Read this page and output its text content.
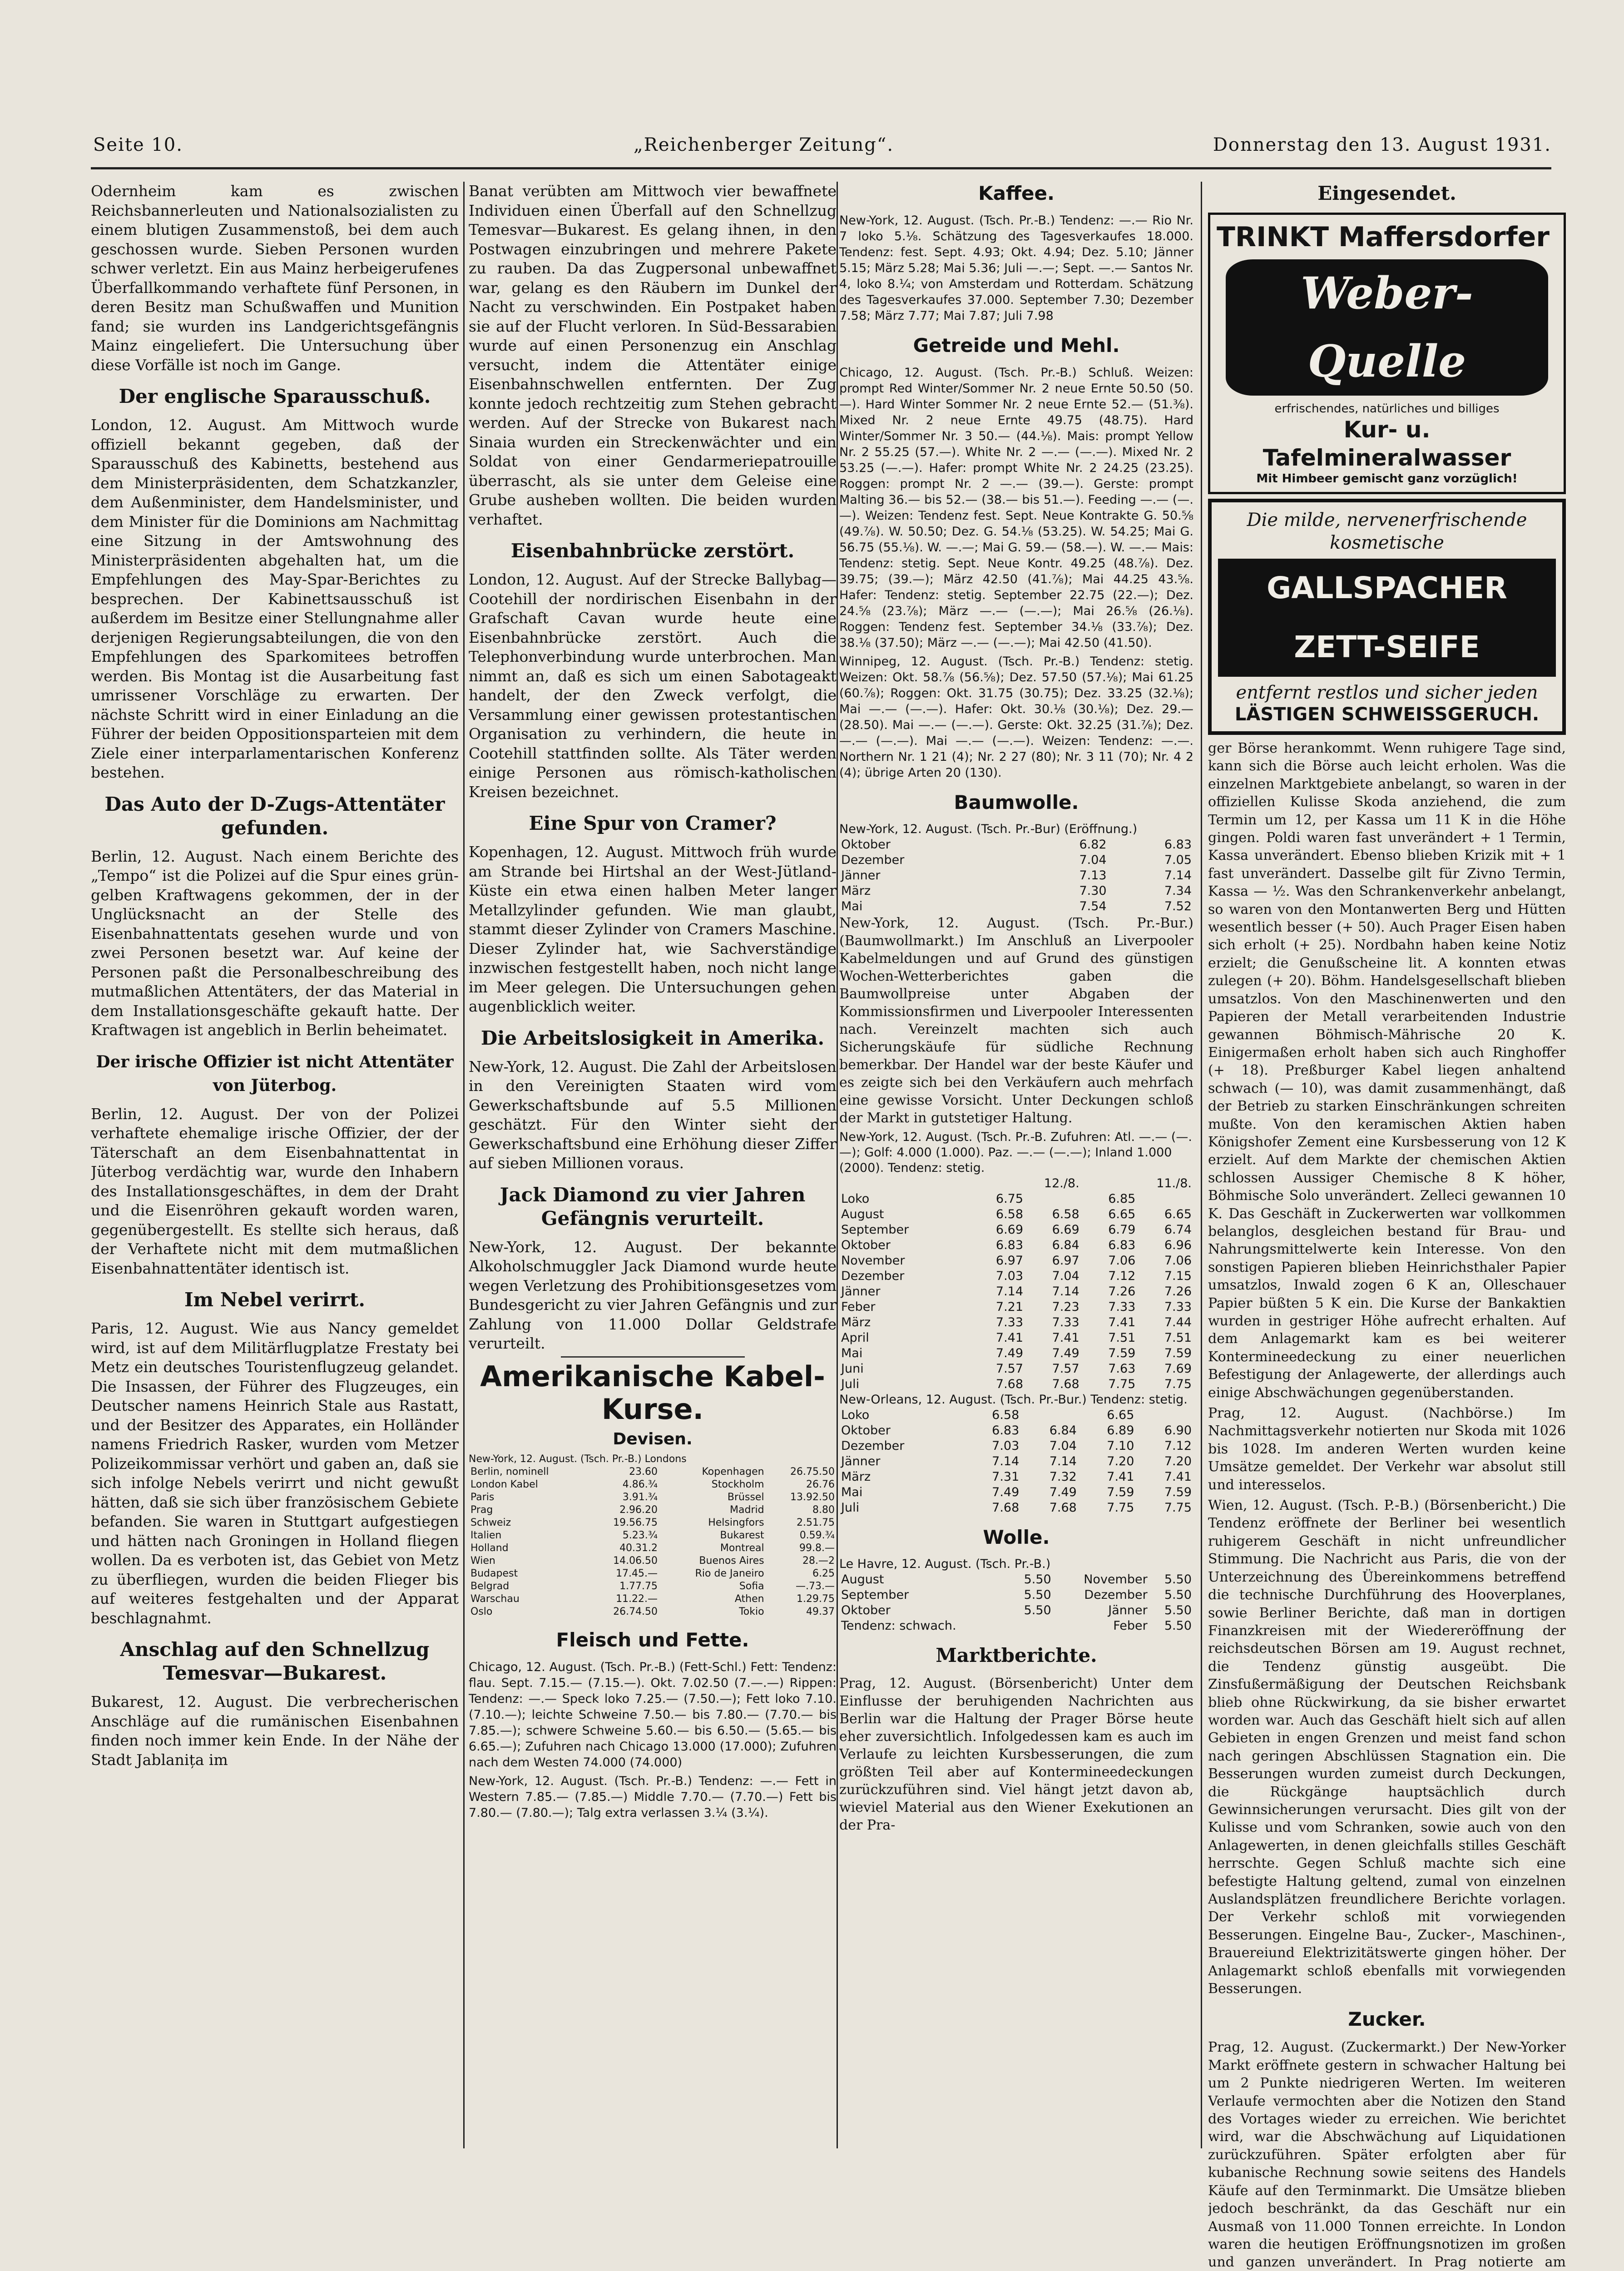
Seite 10.	„Reichenberger Zeitung“.	Donnerstag den 13. August 1931.

Odernheim kam es zwischen Reichsbannerleuten und Nationalsozialisten zu einem blutigen Zusammenstoß, bei dem auch geschossen wurde. Sieben Personen wurden schwer verletzt. Ein aus Mainz herbeigerufenes Überfallkommando verhaftete fünf Personen, in deren Besitz man Schußwaffen und Munition fand; sie wurden ins Landgerichtsgefängnis Mainz eingeliefert. Die Untersuchung über diese Vorfälle ist noch im Gange.

Der englische Sparausschuß.

London, 12. August. Am Mittwoch wurde offiziell bekannt gegeben, daß der Sparausschuß des Kabinetts, bestehend aus dem Ministerpräsidenten, dem Schatzkanzler, dem Außenminister, dem Handelsminister, und dem Minister für die Dominions am Nachmittag eine Sitzung in der Amtswohnung des Ministerpräsidenten abgehalten hat, um die Empfehlungen des May-Spar-Berichtes zu besprechen. Der Kabinettsausschuß ist außerdem im Besitze einer Stellungnahme aller derjenigen Regierungsabteilungen, die von den Empfehlungen des Sparkomitees betroffen werden. Bis Montag ist die Ausarbeitung fast umrissener Vorschläge zu erwarten. Der nächste Schritt wird in einer Einladung an die Führer der beiden Oppositionsparteien mit dem Ziele einer interparlamentarischen Konferenz bestehen.

Das Auto der D-Zugs-Attentäter gefunden.

Berlin, 12. August. Nach einem Berichte des „Tempo“ ist die Polizei auf die Spur eines grün-gelben Kraftwagens gekommen, der in der Unglücksnacht an der Stelle des Eisenbahnattentats gesehen wurde und von zwei Personen besetzt war. Auf keine der Personen paßt die Personalbeschreibung des mutmaßlichen Attentäters, der das Material in dem Installationsgeschäfte gekauft hatte. Der Kraftwagen ist angeblich in Berlin beheimatet.

Der irische Offizier ist nicht Attentäter von Jüterbog.

Berlin, 12. August. Der von der Polizei verhaftete ehemalige irische Offizier, der der Täterschaft an dem Eisenbahnattentat in Jüterbog verdächtig war, wurde den Inhabern des Installationsgeschäftes, in dem der Draht und die Eisenröhren gekauft worden waren, gegenübergestellt. Es stellte sich heraus, daß der Verhaftete nicht mit dem mutmaßlichen Eisenbahnattentäter identisch ist.

Im Nebel verirrt.

Paris, 12. August. Wie aus Nancy gemeldet wird, ist auf dem Militärflugplatze Frestaty bei Metz ein deutsches Touristenflugzeug gelandet. Die Insassen, der Führer des Flugzeuges, ein Deutscher namens Heinrich Stale aus Rastatt, und der Besitzer des Apparates, ein Holländer namens Friedrich Rasker, wurden vom Metzer Polizeikommissar verhört und gaben an, daß sie sich infolge Nebels verirrt und nicht gewußt hätten, daß sie sich über französischem Gebiete befanden. Sie waren in Stuttgart aufgestiegen und hätten nach Groningen in Holland fliegen wollen. Da es verboten ist, das Gebiet von Metz zu überfliegen, wurden die beiden Flieger bis auf weiteres festgehalten und der Apparat beschlagnahmt.

Anschlag auf den Schnellzug Temesvar—Bukarest.

Bukarest, 12. August. Die verbrecherischen Anschläge auf die rumänischen Eisenbahnen finden noch immer kein Ende. In der Nähe der Stadt Jablanița im

Banat verübten am Mittwoch vier bewaffnete Individuen einen Überfall auf den Schnellzug Temesvar—Bukarest. Es gelang ihnen, in den Postwagen einzubringen und mehrere Pakete zu rauben. Da das Zugpersonal unbewaffnet war, gelang es den Räubern im Dunkel der Nacht zu verschwinden. Ein Postpaket haben sie auf der Flucht verloren. In Süd-Bessarabien wurde auf einen Personenzug ein Anschlag versucht, indem die Attentäter einige Eisenbahnschwellen entfernten. Der Zug konnte jedoch rechtzeitig zum Stehen gebracht werden. Auf der Strecke von Bukarest nach Sinaia wurden ein Streckenwächter und ein Soldat von einer Gendarmeriepatrouille überrascht, als sie unter dem Geleise eine Grube ausheben wollten. Die beiden wurden verhaftet.

Eisenbahnbrücke zerstört.

London, 12. August. Auf der Strecke Ballybag—Cootehill der nordirischen Eisenbahn in der Grafschaft Cavan wurde heute eine Eisenbahnbrücke zerstört. Auch die Telephonverbindung wurde unterbrochen. Man nimmt an, daß es sich um einen Sabotageakt handelt, der den Zweck verfolgt, die Versammlung einer gewissen protestantischen Organisation zu verhindern, die heute in Cootehill stattfinden sollte. Als Täter werden einige Personen aus römisch-katholischen Kreisen bezeichnet.

Eine Spur von Cramer?

Kopenhagen, 12. August. Mittwoch früh wurde am Strande bei Hirtshal an der West-Jütland-Küste ein etwa einen halben Meter langer Metallzylinder gefunden. Wie man glaubt, stammt dieser Zylinder von Cramers Maschine. Dieser Zylinder hat, wie Sachverständige inzwischen festgestellt haben, noch nicht lange im Meer gelegen. Die Untersuchungen gehen augenblicklich weiter.

Die Arbeitslosigkeit in Amerika.

New-York, 12. August. Die Zahl der Arbeitslosen in den Vereinigten Staaten wird vom Gewerkschaftsbunde auf 5.5 Millionen geschätzt. Für den Winter sieht der Gewerkschaftsbund eine Erhöhung dieser Ziffer auf sieben Millionen voraus.

Jack Diamond zu vier Jahren Gefängnis verurteilt.

New-York, 12. August. Der bekannte Alkoholschmuggler Jack Diamond wurde heute wegen Verletzung des Prohibitionsgesetzes vom Bundesgericht zu vier Jahren Gefängnis und zur Zahlung von 11.000 Dollar Geldstrafe verurteilt.

Amerikanische Kabel-Kurse.
Devisen.
New-York, 12. August. (Tsch. Pr.-B.) Londons
Berlin, nominell	23.60	Kopenhagen	26.75.50
London Kabel	4.86.¾	Stockholm	26.76
Paris	3.91.¾	Brüssel	13.92.50
Prag	2.96.20	Madrid	8.80
Schweiz	19.56.75	Helsingfors	2.51.75
Italien	5.23.¾	Bukarest	0.59.¾
Holland	40.31.2	Montreal	99.8.—
Wien	14.06.50	Buenos Aires	28.—2
Budapest	17.45.—	Rio de Janeiro	6.25
Belgrad	1.77.75	Sofia	—.73.—
Warschau	11.22.—	Athen	1.29.75
Oslo	26.74.50	Tokio	49.37
Fleisch und Fette.

Chicago, 12. August. (Tsch. Pr.-B.) (Fett-Schl.) Fett: Tendenz: flau. Sept. 7.15.— (7.15.—). Okt. 7.02.50 (7.—.—) Rippen: Tendenz: —.— Speck loko 7.25.— (7.50.—); Fett loko 7.10. (7.10.—); leichte Schweine 7.50.— bis 7.80.— (7.70.— bis 7.85.—); schwere Schweine 5.60.— bis 6.50.— (5.65.— bis 6.65.—); Zufuhren nach Chicago 13.000 (17.000); Zufuhren nach dem Westen 74.000 (74.000)

New-York, 12. August. (Tsch. Pr.-B.) Tendenz: —.— Fett in Western 7.85.— (7.85.—) Middle 7.70.— (7.70.—) Fett bis 7.80.— (7.80.—); Talg extra verlassen 3.¼ (3.¼).

Kaffee.

New-York, 12. August. (Tsch. Pr.-B.) Tendenz: —.— Rio Nr. 7 loko 5.⅛. Schätzung des Tagesverkaufes 18.000. Tendenz: fest. Sept. 4.93; Okt. 4.94; Dez. 5.10; Jänner 5.15; März 5.28; Mai 5.36; Juli —.—; Sept. —.— Santos Nr. 4, loko 8.¼; von Amsterdam und Rotterdam. Schätzung des Tagesverkaufes 37.000. September 7.30; Dezember 7.58; März 7.77; Mai 7.87; Juli 7.98

Getreide und Mehl.

Chicago, 12. August. (Tsch. Pr.-B.) Schluß. Weizen: prompt Red Winter/Sommer Nr. 2 neue Ernte 50.50 (50.—). Hard Winter Sommer Nr. 2 neue Ernte 52.— (51.⅜). Mixed Nr. 2 neue Ernte 49.75 (48.75). Hard Winter/Sommer Nr. 3 50.— (44.⅛). Mais: prompt Yellow Nr. 2 55.25 (57.—). White Nr. 2 —.— (—.—). Mixed Nr. 2 53.25 (—.—). Hafer: prompt White Nr. 2 24.25 (23.25). Roggen: prompt Nr. 2 —.— (39.—). Gerste: prompt Malting 36.— bis 52.— (38.— bis 51.—). Feeding —.— (—.—). Weizen: Tendenz fest. Sept. Neue Kontrakte G. 50.⅝ (49.⅞). W. 50.50; Dez. G. 54.⅛ (53.25). W. 54.25; Mai G. 56.75 (55.⅛). W. —.—; Mai G. 59.— (58.—). W. —.— Mais: Tendenz: stetig. Sept. Neue Kontr. 49.25 (48.⅞). Dez. 39.75; (39.—); März 42.50 (41.⅞); Mai 44.25 43.⅝. Hafer: Tendenz: stetig. September 22.75 (22.—); Dez. 24.⅝ (23.⅞); März —.— (—.—); Mai 26.⅝ (26.⅛). Roggen: Tendenz fest. September 34.⅛ (33.⅞); Dez. 38.⅛ (37.50); März —.— (—.—); Mai 42.50 (41.50).

Winnipeg, 12. August. (Tsch. Pr.-B.) Tendenz: stetig. Weizen: Okt. 58.⅞ (56.⅝); Dez. 57.50 (57.⅛); Mai 61.25 (60.⅞); Roggen: Okt. 31.75 (30.75); Dez. 33.25 (32.⅛); Mai —.— (—.—). Hafer: Okt. 30.⅛ (30.⅛); Dez. 29.— (28.50). Mai —.— (—.—). Gerste: Okt. 32.25 (31.⅞); Dez. —.— (—.—). Mai —.— (—.—). Weizen: Tendenz: —.—. Northern Nr. 1 21 (4); Nr. 2 27 (80); Nr. 3 11 (70); Nr. 4 2 (4); übrige Arten 20 (130).

Baumwolle.
New-York, 12. August. (Tsch. Pr.-Bur) (Eröffnung.)
Oktober	6.82	6.83
Dezember	7.04	7.05
Jänner	7.13	7.14
März	7.30	7.34
Mai	7.54	7.52

New-York, 12. August. (Tsch. Pr.-Bur.) (Baumwollmarkt.) Im Anschluß an Liverpooler Kabelmeldungen und auf Grund des günstigen Wochen-Wetterberichtes gaben die Baumwollpreise unter Abgaben der Kommissionsfirmen und Liverpooler Interessenten nach. Vereinzelt machten sich auch Sicherungskäufe für südliche Rechnung bemerkbar. Der Handel war der beste Käufer und es zeigte sich bei den Verkäufern auch mehrfach eine gewisse Vorsicht. Unter Deckungen schloß der Markt in gutstetiger Haltung.

New-York, 12. August. (Tsch. Pr.-B. Zufuhren: Atl. —.— (—.—); Golf: 4.000 (1.000). Paz. —.— (—.—); Inland 1.000 (2000). Tendenz: stetig.
	12./8.		11./8.	
Loko	6.75		6.85	
August	6.58	6.58	6.65	6.65
September	6.69	6.69	6.79	6.74
Oktober	6.83	6.84	6.83	6.96
November	6.97	6.97	7.06	7.06
Dezember	7.03	7.04	7.12	7.15
Jänner	7.14	7.14	7.26	7.26
Feber	7.21	7.23	7.33	7.33
März	7.33	7.33	7.41	7.44
April	7.41	7.41	7.51	7.51
Mai	7.49	7.49	7.59	7.59
Juni	7.57	7.57	7.63	7.69
Juli	7.68	7.68	7.75	7.75
New-Orleans, 12. August. (Tsch. Pr.-Bur.) Tendenz: stetig.
Loko	6.58		6.65	
Oktober	6.83	6.84	6.89	6.90
Dezember	7.03	7.04	7.10	7.12
Jänner	7.14	7.14	7.20	7.20
März	7.31	7.32	7.41	7.41
Mai	7.49	7.49	7.59	7.59
Juli	7.68	7.68	7.75	7.75
Wolle.
Le Havre, 12. August. (Tsch. Pr.-B.)
August	5.50	November	5.50
September	5.50	Dezember	5.50
Oktober	5.50	Jänner	5.50
Tendenz: schwach.		Feber	5.50
Marktberichte.

Prag, 12. August. (Börsenbericht) Unter dem Einflusse der beruhigenden Nachrichten aus Berlin war die Haltung der Prager Börse heute eher zuversichtlich. Infolgedessen kam es auch im Verlaufe zu leichten Kursbesserungen, die zum größten Teil aber auf Kontermineedeckungen zurückzuführen sind. Viel hängt jetzt davon ab, wieviel Material aus den Wiener Exekutionen an der Pra-

Eingesendet.
TRINKT Maffersdorfer
Weber-Quelle
erfrischendes, natürliches und billiges
Kur- u. Tafelmineralwasser
Mit Himbeer gemischt ganz vorzüglich!
Die milde, nervenerfrischende kosmetische
GALLSPACHER ZETT-SEIFE
entfernt restlos und sicher jeden
LÄSTIGEN SCHWEISSGERUCH.

ger Börse herankommt. Wenn ruhigere Tage sind, kann sich die Börse auch leicht erholen. Was die einzelnen Marktgebiete anbelangt, so waren in der offiziellen Kulisse Skoda anziehend, die zum Termin um 12, per Kassa um 11 K in die Höhe gingen. Poldi waren fast unverändert + 1 Termin, Kassa unverändert. Ebenso blieben Krizik mit + 1 fast unverändert. Dasselbe gilt für Zivno Termin, Kassa — ½. Was den Schrankenverkehr anbelangt, so waren von den Montanwerten Berg und Hütten wesentlich besser (+ 50). Auch Prager Eisen haben sich erholt (+ 25). Nordbahn haben keine Notiz erzielt; die Genußscheine lit. A konnten etwas zulegen (+ 20). Böhm. Handelsgesellschaft blieben umsatzlos. Von den Maschinenwerten und den Papieren der Metall verarbeitenden Industrie gewannen Böhmisch-Mährische 20 K. Einigermaßen erholt haben sich auch Ringhoffer (+ 18). Preßburger Kabel liegen anhaltend schwach (— 10), was damit zusammenhängt, daß der Betrieb zu starken Einschränkungen schreiten mußte. Von den keramischen Aktien haben Königshofer Zement eine Kursbesserung von 12 K erzielt. Auf dem Markte der chemischen Aktien schlossen Aussiger Chemische 8 K höher, Böhmische Solo unverändert. Zelleci gewannen 10 K. Das Geschäft in Zuckerwerten war vollkommen belanglos, desgleichen bestand für Brau- und Nahrungsmittelwerte kein Interesse. Von den sonstigen Papieren blieben Heinrichsthaler Papier umsatzlos, Inwald zogen 6 K an, Olleschauer Papier büßten 5 K ein. Die Kurse der Bankaktien wurden in gestriger Höhe aufrecht erhalten. Auf dem Anlagemarkt kam es bei weiterer Kontermineedeckung zu einer neuerlichen Befestigung der Anlagewerte, der allerdings auch einige Abschwächungen gegenüberstanden.

Prag, 12. August. (Nachbörse.) Im Nachmittagsverkehr notierten nur Skoda mit 1026 bis 1028. Im anderen Werten wurden keine Umsätze gemeldet. Der Verkehr war absolut still und interesselos.

Wien, 12. August. (Tsch. P.-B.) (Börsenbericht.) Die Tendenz eröffnete der Berliner bei wesentlich ruhigerem Geschäft in nicht unfreundlicher Stimmung. Die Nachricht aus Paris, die von der Unterzeichnung des Übereinkommens betreffend die technische Durchführung des Hooverplanes, sowie Berliner Berichte, daß man in dortigen Finanzkreisen mit der Wiedereröffnung der reichsdeutschen Börsen am 19. August rechnet, die Tendenz günstig ausgeübt. Die Zinsfußermäßigung der Deutschen Reichsbank blieb ohne Rückwirkung, da sie bisher erwartet worden war. Auch das Geschäft hielt sich auf allen Gebieten in engen Grenzen und meist fand schon nach geringen Abschlüssen Stagnation ein. Die Besserungen wurden zumeist durch Deckungen, die Rückgänge hauptsächlich durch Gewinnsicherungen verursacht. Dies gilt von der Kulisse und vom Schranken, sowie auch von den Anlagewerten, in denen gleichfalls stilles Geschäft herrschte. Gegen Schluß machte sich eine befestigte Haltung geltend, zumal von einzelnen Auslandsplätzen freundlichere Berichte vorlagen. Der Verkehr schloß mit vorwiegenden Besserungen. Eingelne Bau-, Zucker-, Maschinen-, Brauereiund Elektrizitätswerte gingen höher. Der Anlagemarkt schloß ebenfalls mit vorwiegenden Besserungen.

Zucker.

Prag, 12. August. (Zuckermarkt.) Der New-Yorker Markt eröffnete gestern in schwacher Haltung bei um 2 Punkte niedrigeren Werten. Im weiteren Verlaufe vermochten aber die Notizen den Stand des Vortages wieder zu erreichen. Wie berichtet wird, war die Abschwächung auf Liquidationen zurückzuführen. Später erfolgten aber für kubanische Rechnung sowie seitens des Handels Käufe auf den Terminmarkt. Die Umsätze blieben jedoch beschränkt, da das Geschäft nur ein Ausmaß von 11.000 Tonnen erreichte. In London waren die heutigen Eröffnungsnotizen im großen und ganzen unverändert. In Prag notierte am
